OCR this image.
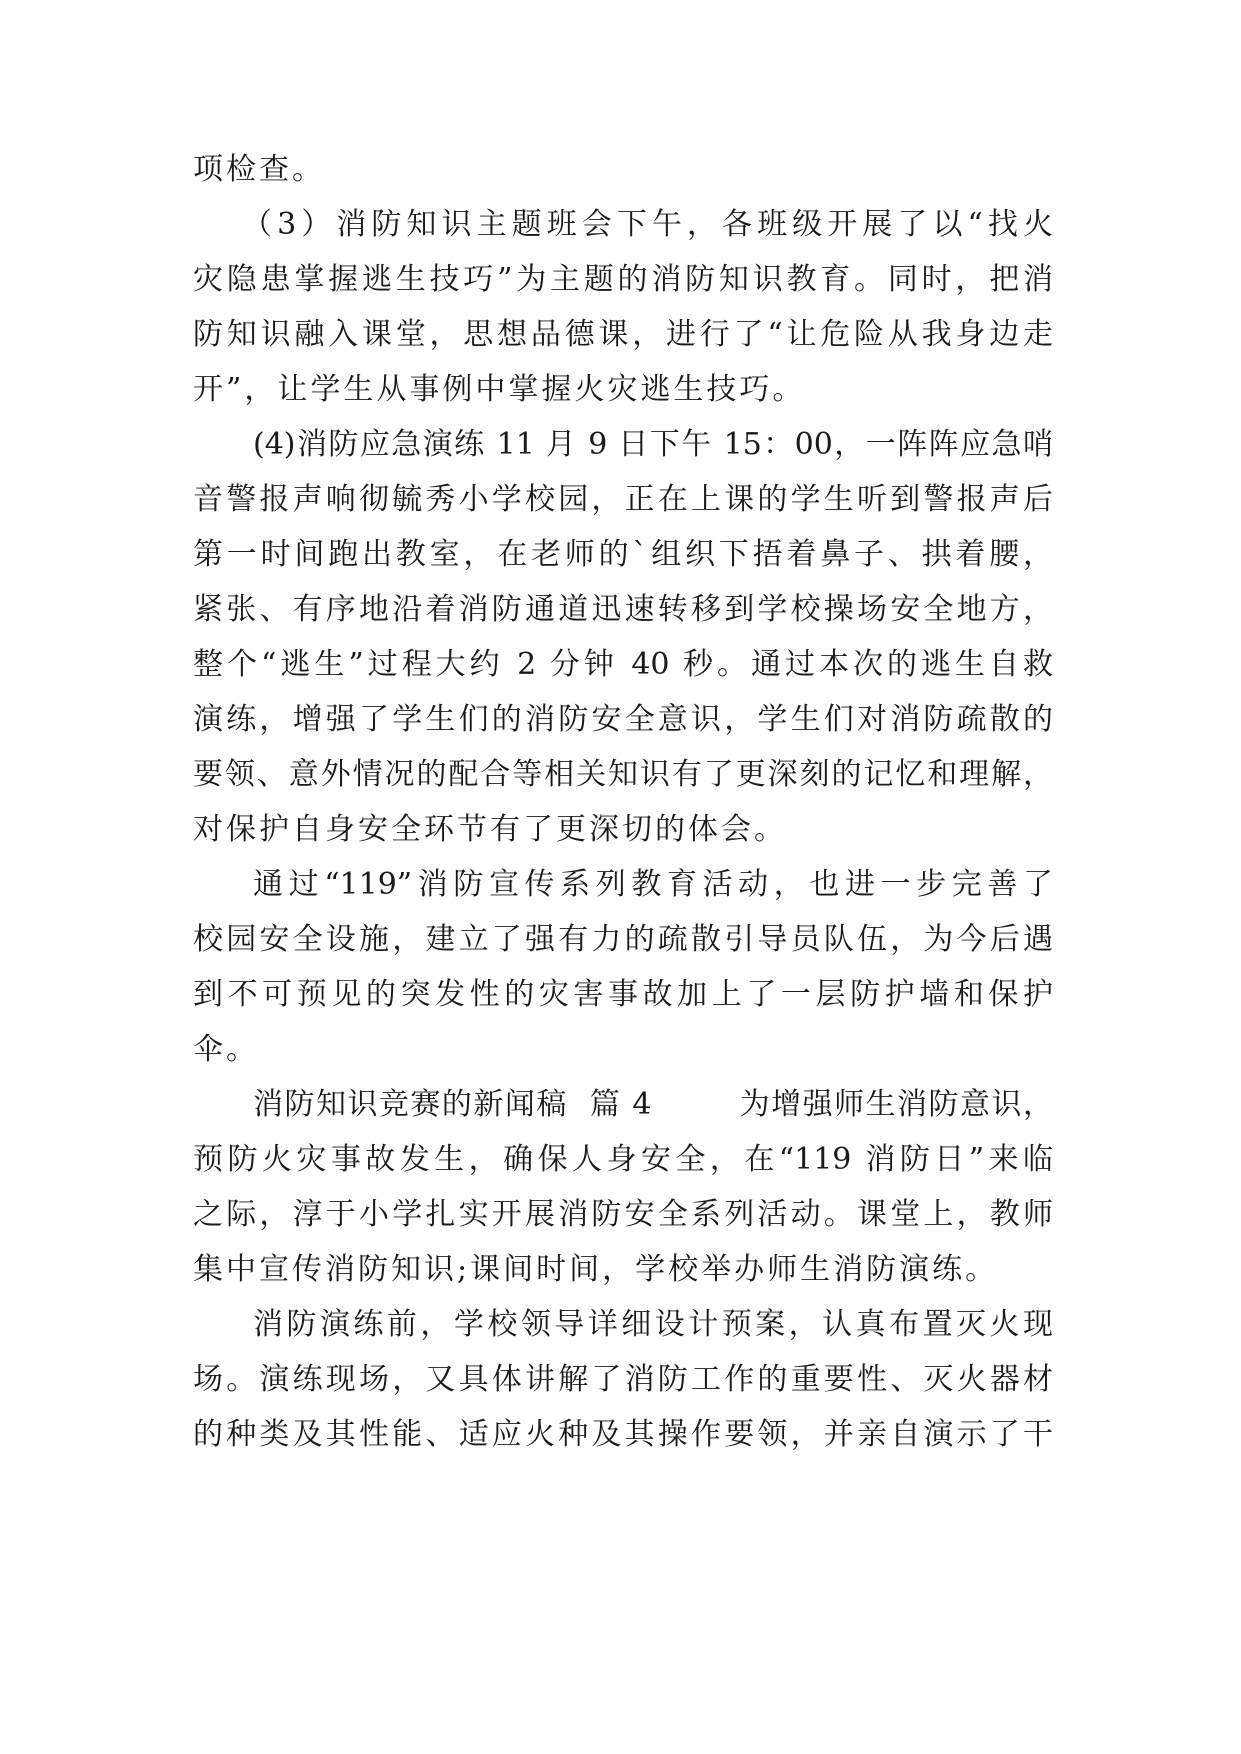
项检查。
（3）消防知识主题班会下午，各班级开展了以“找火
灾隐患掌握逃生技巧”为主题的消防知识教育。同时，把消
防知识融入课堂，思想品德课，进行了“让危险从我身边走
开”，让学生从事例中掌握火灾逃生技巧。
(4)消防应急演练 11 月 9 日下午 15：00，一阵阵应急哨
音警报声响彻毓秀小学校园，正在上课的学生听到警报声后
第一时间跑出教室，在老师的`组织下捂着鼻子、拱着腰，
紧张、有序地沿着消防通道迅速转移到学校操场安全地方，
整个“逃生”过程大约 2 分钟 40 秒。通过本次的逃生自救
演练，增强了学生们的消防安全意识，学生们对消防疏散的
要领、意外情况的配合等相关知识有了更深刻的记忆和理解，
对保护自身安全环节有了更深切的体会。
通过“119”消防宣传系列教育活动，也进一步完善了
校园安全设施，建立了强有力的疏散引导员队伍，为今后遇
到不可预见的突发性的灾害事故加上了一层防护墙和保护
伞。
消防知识竞赛的新闻稿  篇 4        为增强师生消防意识，
预防火灾事故发生，确保人身安全，在“119 消防日”来临
之际，淳于小学扎实开展消防安全系列活动。课堂上，教师
集中宣传消防知识;课间时间，学校举办师生消防演练。
消防演练前，学校领导详细设计预案，认真布置灭火现
场。演练现场，又具体讲解了消防工作的重要性、灭火器材
的种类及其性能、适应火种及其操作要领，并亲自演示了干
